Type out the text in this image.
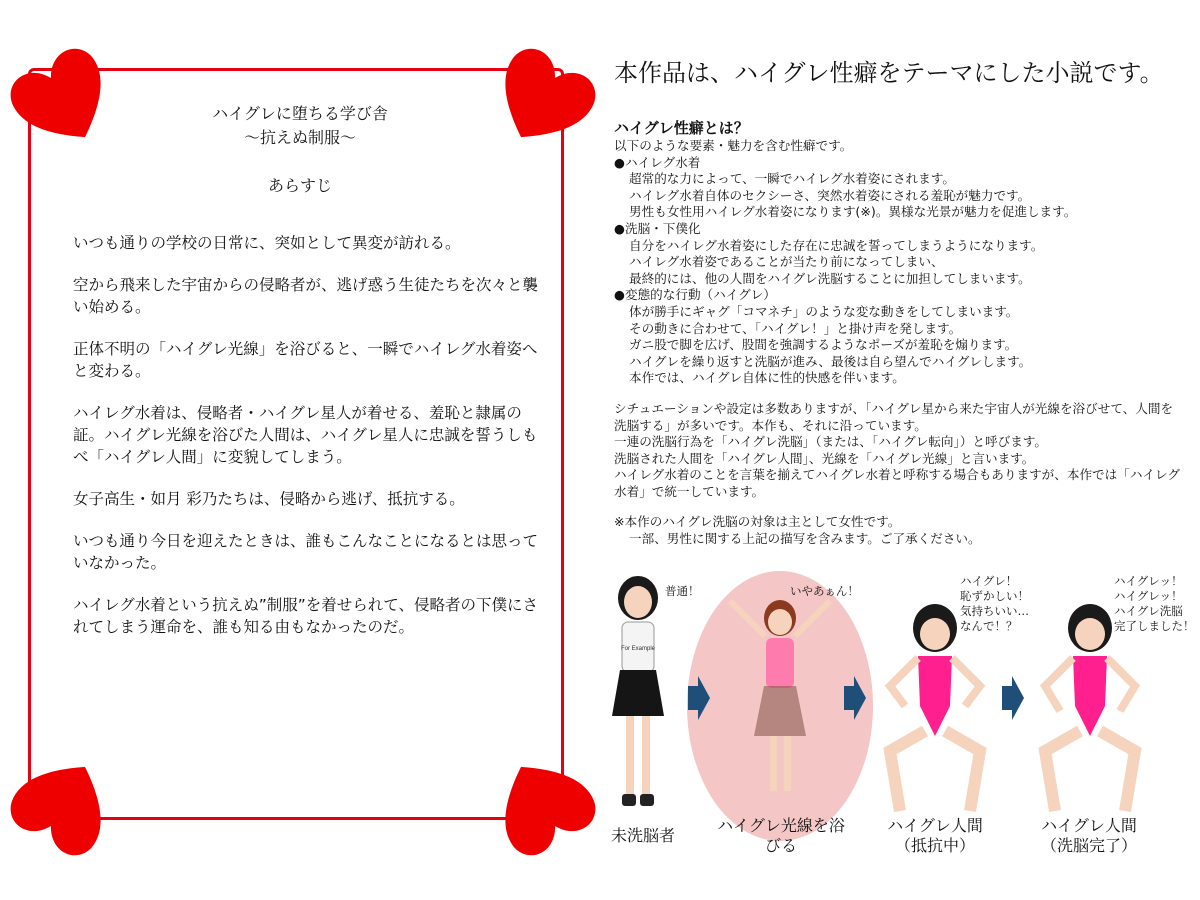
ハイグレに堕ちる学び舎
〜抗えぬ制服〜
あらすじ

いつも通りの学校の日常に、突如として異変が訪れる。

空から飛来した宇宙からの侵略者が、逃げ惑う生徒たちを次々と襲い始める。

正体不明の「ハイグレ光線」を浴びると、一瞬でハイレグ水着姿へと変わる。

ハイレグ水着は、侵略者・ハイグレ星人が着せる、羞恥と隷属の証。ハイグレ光線を浴びた人間は、ハイグレ星人に忠誠を誓うしもべ「ハイグレ人間」に変貌してしまう。

女子高生・如月 彩乃たちは、侵略から逃げ、抵抗する。

いつも通り今日を迎えたときは、誰もこんなことになるとは思っていなかった。

ハイレグ水着という抗えぬ”制服”を着せられて、侵略者の下僕にされてしまう運命を、誰も知る由もなかったのだ。

本作品は、ハイグレ性癖をテーマにした小説です。
ハイグレ性癖とは？
以下のような要素・魅力を含む性癖です。
●ハイレグ水着
超常的な力によって、一瞬でハイレグ水着姿にされます。
ハイレグ水着自体のセクシーさ、突然水着姿にされる羞恥が魅力です。
男性も女性用ハイレグ水着姿になります(※)。異様な光景が魅力を促進します。
●洗脳・下僕化
自分をハイレグ水着姿にした存在に忠誠を誓ってしまうようになります。
ハイレグ水着姿であることが当たり前になってしまい、
最終的には、他の人間をハイグレ洗脳することに加担してしまいます。
●変態的な行動（ハイグレ）
体が勝手にギャグ「コマネチ」のような変な動きをしてしまいます。
その動きに合わせて、「ハイグレ！」と掛け声を発します。
ガニ股で脚を広げ、股間を強調するようなポーズが羞恥を煽ります。
ハイグレを繰り返すと洗脳が進み、最後は自ら望んでハイグレします。
本作では、ハイグレ自体に性的快感を伴います。
シチュエーションや設定は多数ありますが、「ハイグレ星から来た宇宙人が光線を浴びせて、人間を洗脳する」が多いです。本作も、それに沿っています。
一連の洗脳行為を「ハイグレ洗脳」（または、「ハイグレ転向」）と呼びます。
洗脳された人間を「ハイグレ人間」、光線を「ハイグレ光線」と言います。
ハイレグ水着のことを言葉を揃えてハイグレ水着と呼称する場合もありますが、本作では「ハイレグ水着」で統一しています。
※本作のハイグレ洗脳の対象は主として女性です。
一部、男性に関する上記の描写を含みます。ご了承ください。
For Example
普通！	いやあぁん！
ハイグレ！
恥ずかしい！
気持ちいい…
なんで！？
ハイグレッ！
ハイグレッ！
ハイグレ洗脳
完了しました！
未洗脳者
ハイグレ光線を浴
びる
ハイグレ人間
（抵抗中）
ハイグレ人間
（洗脳完了）
